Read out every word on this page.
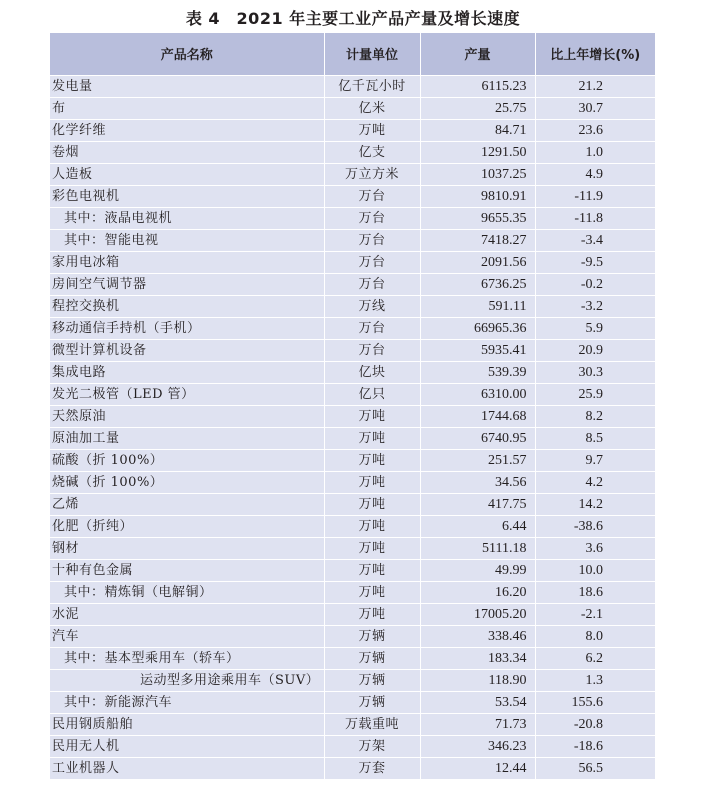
表 4　2021 年主要工业产品产量及增长速度
产品名称	计量单位	产量	比上年增长(%)
发电量	亿千瓦小时	6115.23	21.2
布	亿米	25.75	30.7
化学纤维	万吨	84.71	23.6
卷烟	亿支	1291.50	1.0
人造板	万立方米	1037.25	4.9
彩色电视机	万台	9810.91	-11.9
其中：液晶电视机	万台	9655.35	-11.8
其中：智能电视	万台	7418.27	-3.4
家用电冰箱	万台	2091.56	-9.5
房间空气调节器	万台	6736.25	-0.2
程控交换机	万线	591.11	-3.2
移动通信手持机（手机）	万台	66965.36	5.9
微型计算机设备	万台	5935.41	20.9
集成电路	亿块	539.39	30.3
发光二极管（LED 管）	亿只	6310.00	25.9
天然原油	万吨	1744.68	8.2
原油加工量	万吨	6740.95	8.5
硫酸（折 100%）	万吨	251.57	9.7
烧碱（折 100%）	万吨	34.56	4.2
乙烯	万吨	417.75	14.2
化肥（折纯）	万吨	6.44	-38.6
钢材	万吨	5111.18	3.6
十种有色金属	万吨	49.99	10.0
其中：精炼铜（电解铜）	万吨	16.20	18.6
水泥	万吨	17005.20	-2.1
汽车	万辆	338.46	8.0
其中：基本型乘用车（轿车）	万辆	183.34	6.2
运动型多用途乘用车（SUV）	万辆	118.90	1.3
其中：新能源汽车	万辆	53.54	155.6
民用钢质船舶	万载重吨	71.73	-20.8
民用无人机	万架	346.23	-18.6
工业机器人	万套	12.44	56.5
